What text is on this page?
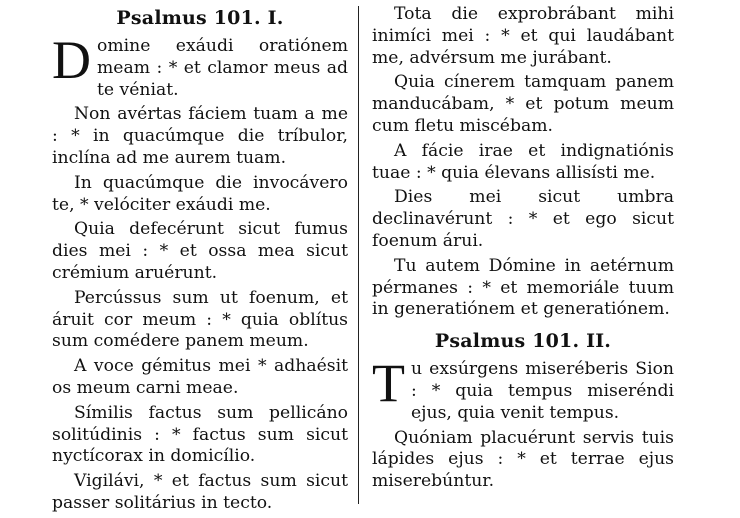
Psalmus 101. I.

Domine exáudi oratiónem meam : * et clamor meus ad te véniat.

Non avértas fáciem tuam a me : * in quacúmque die tríbulor, inclína ad me aurem tuam.

In quacúmque die invocávero te, * velóciter exáudi me.

Quia defecérunt sicut fumus dies mei : * et ossa mea sicut crémium aruérunt.

Percússus sum ut foenum, et áruit cor meum : * quia oblítus sum comédere panem meum.

A voce gémitus mei * adhaésit os meum carni meae.

Símilis factus sum pellicáno solitúdinis : * factus sum sicut nyctícorax in domicílio.

Vigilávi, * et factus sum sicut passer solitárius in tecto.

Tota die exprobrábant mihi inimíci mei : * et qui laudábant me, advérsum me jurábant.

Quia cínerem tamquam panem manducábam, * et potum meum cum fletu miscébam.

A fácie irae et indignatiónis tuae : * quia élevans allisísti me.

Dies mei sicut umbra declinavérunt : * et ego sicut foenum árui.

Tu autem Dómine in aetérnum pérmanes : * et memoriále tuum in generatiónem et generatiónem.

Psalmus 101. II.

Tu exsúrgens miseréberis Sion : * quia tempus miseréndi ejus, quia venit tempus.

Quóniam placuérunt servis tuis lápides ejus : * et terrae ejus miserebúntur.
